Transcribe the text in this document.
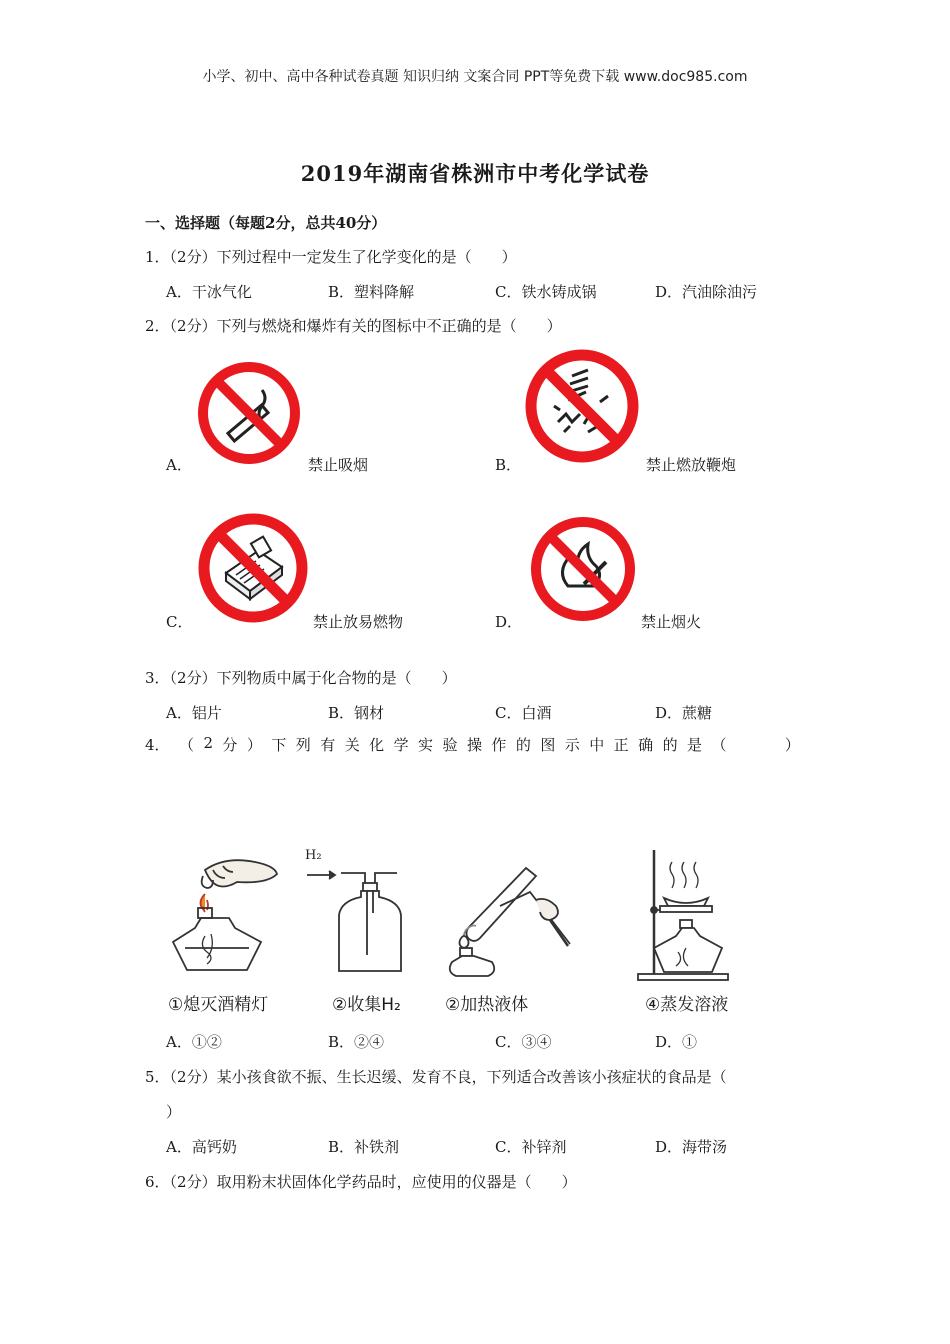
小学、初中、高中各种试卷真题 知识归纳 文案合同 PPT等免费下载 www.doc985.com
2019年湖南省株洲市中考化学试卷
一、选择题（每题2分，总共40分）
1．（2分）下列过程中一定发生了化学变化的是（　　）
A．干冰气化	B．塑料降解	C．铁水铸成锅	D．汽油除油污
2．（2分）下列与燃烧和爆炸有关的图标中不正确的是（　　）
A．	禁止吸烟	B．	禁止燃放鞭炮
C．	禁止放易燃物	D．	禁止烟火
3．（2分）下列物质中属于化合物的是（　　）
A．铝片	B．钢材	C．白酒	D．蔗糖
4． （ 2 分 ） 下 列 有 关 化 学 实 验 操 作 的 图 示 中 正 确 的 是 （

　	）
①熄灭酒精灯
H₂
②收集H₂	②加热液体	④蒸发溶液
A．①②	B．②④	C．③④	D．①
5．（2分）某小孩食欲不振、生长迟缓、发育不良，下列适合改善该小孩症状的食品是（
）
A．高钙奶	B．补铁剂	C．补锌剂	D．海带汤
6．（2分）取用粉末状固体化学药品时，应使用的仪器是（　　）
